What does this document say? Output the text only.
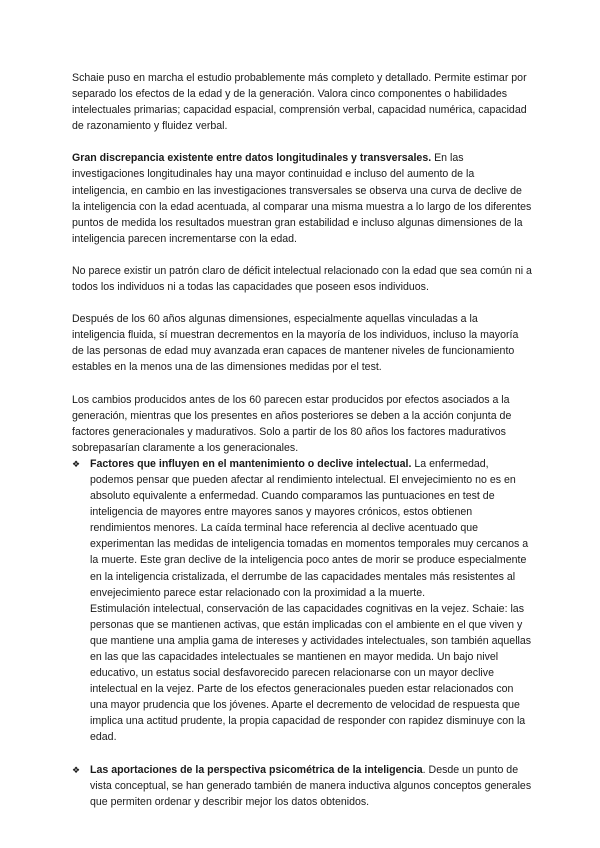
Schaie puso en marcha el estudio probablemente más completo y detallado. Permite estimar por separado los efectos de la edad y de la generación. Valora cinco componentes o habilidades intelectuales primarias; capacidad espacial, comprensión verbal, capacidad numérica, capacidad de razonamiento y fluidez verbal.

Gran discrepancia existente entre datos longitudinales y transversales. En las investigaciones longitudinales hay una mayor continuidad e incluso del aumento de la inteligencia, en cambio en las investigaciones transversales se observa una curva de declive de la inteligencia con la edad acentuada, al comparar una misma muestra a lo largo de los diferentes puntos de medida los resultados muestran gran estabilidad e incluso algunas dimensiones de la inteligencia parecen incrementarse con la edad.

No parece existir un patrón claro de déficit intelectual relacionado con la edad que sea común ni a todos los individuos ni a todas las capacidades que poseen esos individuos.

Después de los 60 años algunas dimensiones, especialmente aquellas vinculadas a la inteligencia fluida, sí muestran decrementos en la mayoría de los individuos, incluso la mayoría de las personas de edad muy avanzada eran capaces de mantener niveles de funcionamiento estables en la menos una de las dimensiones medidas por el test.

Los cambios producidos antes de los 60 parecen estar producidos por efectos asociados a la generación, mientras que los presentes en años posteriores se deben a la acción conjunta de factores generacionales y madurativos. Solo a partir de los 80 años los factores madurativos sobrepasarían claramente a los generacionales.

❖ Factores que influyen en el mantenimiento o declive intelectual. La enfermedad, podemos pensar que pueden afectar al rendimiento intelectual. El envejecimiento no es en absoluto equivalente a enfermedad. Cuando comparamos las puntuaciones en test de inteligencia de mayores entre mayores sanos y mayores crónicos, estos obtienen rendimientos menores. La caída terminal hace referencia al declive acentuado que experimentan las medidas de inteligencia tomadas en momentos temporales muy cercanos a la muerte. Este gran declive de la inteligencia poco antes de morir se produce especialmente en la inteligencia cristalizada, el derrumbe de las capacidades mentales más resistentes al envejecimiento parece estar relacionado con la proximidad a la muerte.
Estimulación intelectual, conservación de las capacidades cognitivas en la vejez. Schaie: las personas que se mantienen activas, que están implicadas con el ambiente en el que viven y que mantiene una amplia gama de intereses y actividades intelectuales, son también aquellas en las que las capacidades intelectuales se mantienen en mayor medida. Un bajo nivel educativo, un estatus social desfavorecido parecen relacionarse con un mayor declive intelectual en la vejez. Parte de los efectos generacionales pueden estar relacionados con una mayor prudencia que los jóvenes. Aparte el decremento de velocidad de respuesta que implica una actitud prudente, la propia capacidad de responder con rapidez disminuye con la edad.
❖ Las aportaciones de la perspectiva psicométrica de la inteligencia. Desde un punto de vista conceptual, se han generado también de manera inductiva algunos conceptos generales que permiten ordenar y describir mejor los datos obtenidos.
